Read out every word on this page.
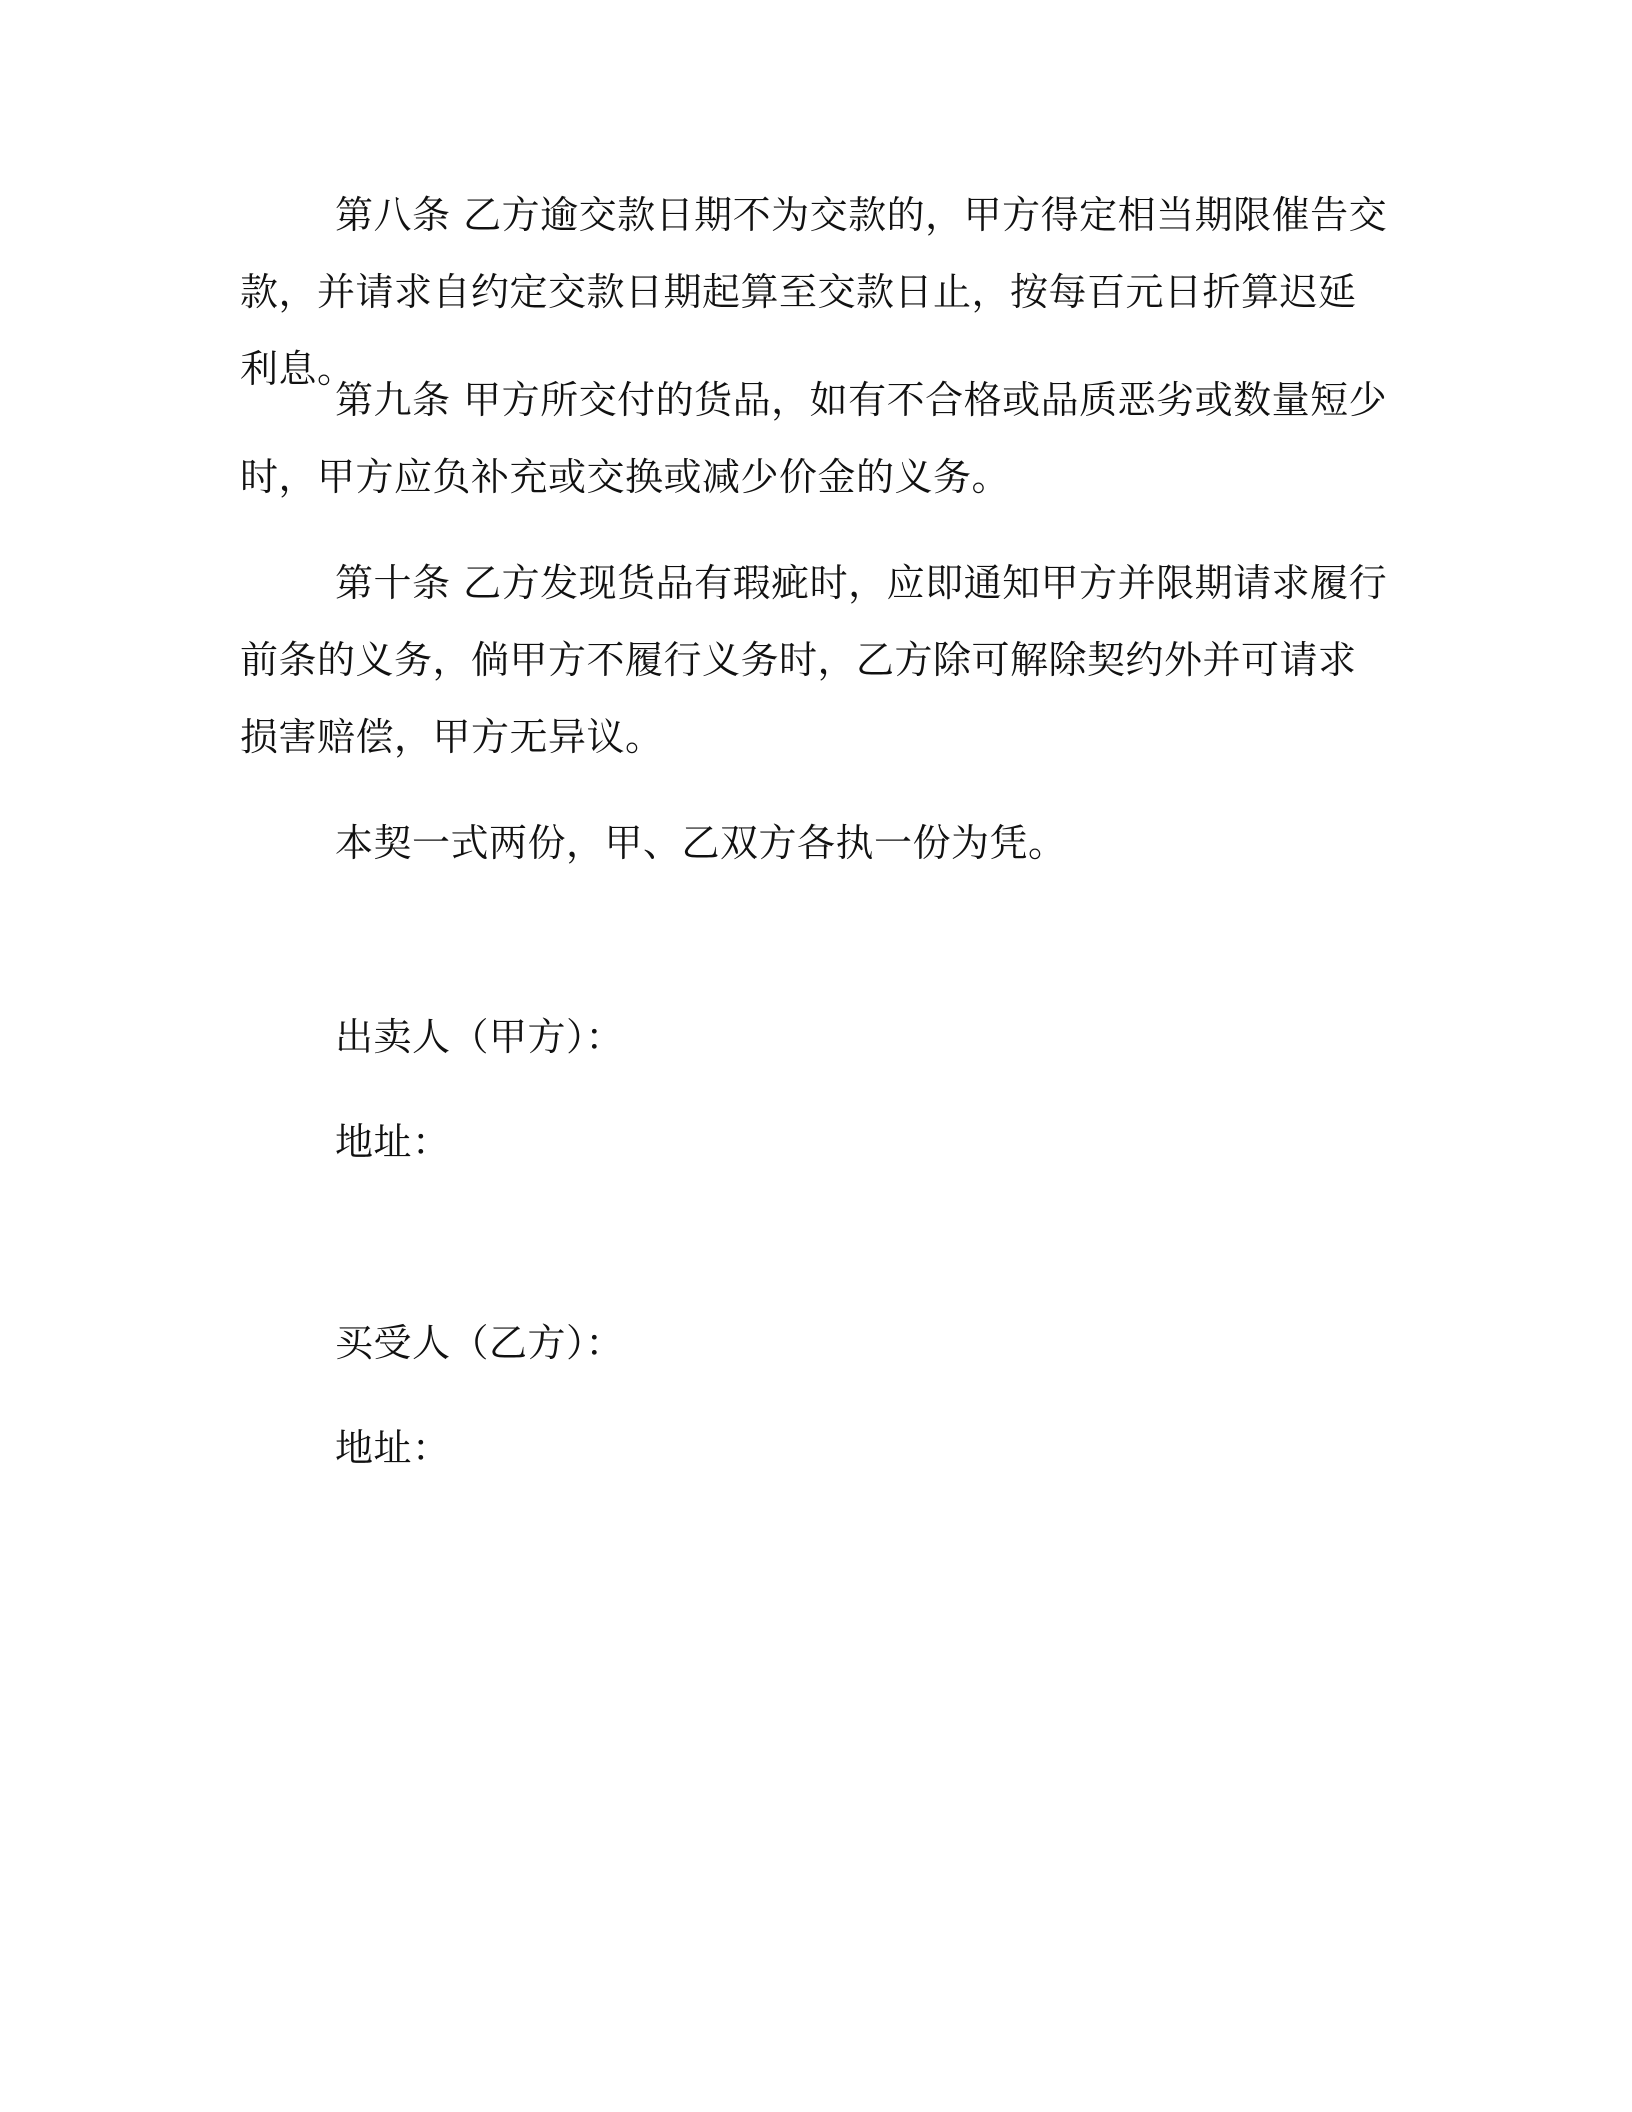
第八条 乙方逾交款日期不为交款的，甲方得定相当期限催告交款，并请求自约定交款日期起算至交款日止，按每百元日折算迟延利息。

第九条 甲方所交付的货品，如有不合格或品质恶劣或数量短少时，甲方应负补充或交换或减少价金的义务。

第十条 乙方发现货品有瑕疵时，应即通知甲方并限期请求履行前条的义务，倘甲方不履行义务时，乙方除可解除契约外并可请求损害赔偿，甲方无异议。

本契一式两份，甲、乙双方各执一份为凭。

出卖人（甲方）：

地址：

买受人（乙方）：

地址：
